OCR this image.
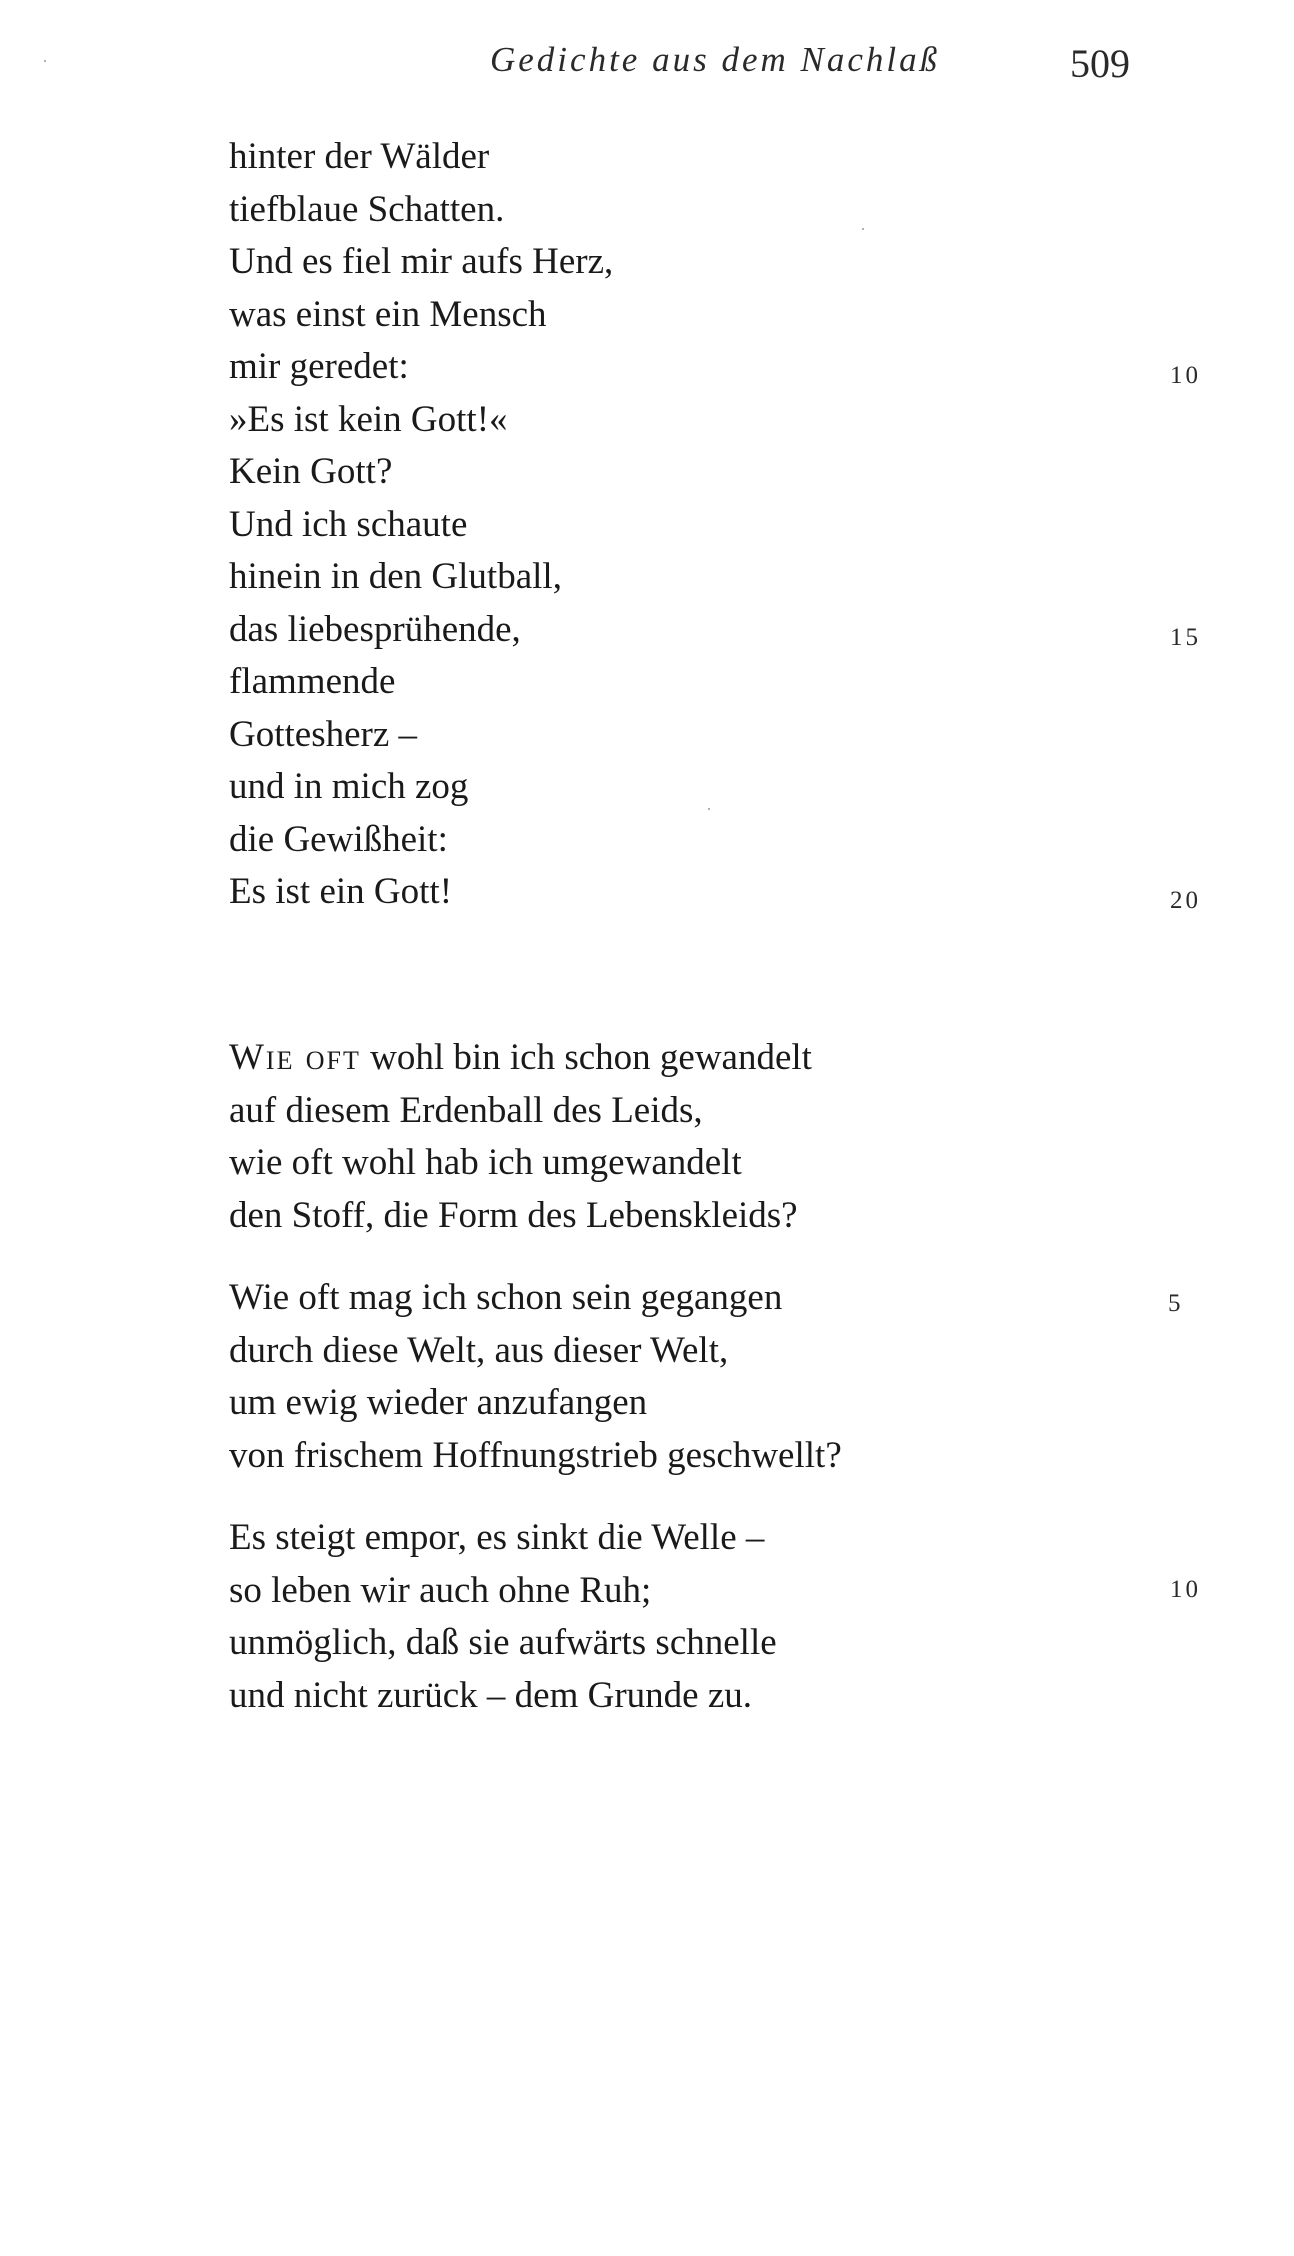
Gedichte aus dem Nachlaß	509
hinter der Wälder
tiefblaue Schatten.
Und es fiel mir aufs Herz,
was einst ein Mensch
mir geredet:
»Es ist kein Gott!«
Kein Gott?
Und ich schaute
hinein in den Glutball,
das liebesprühende,
flammende
Gottesherz –
und in mich zog
die Gewißheit:
Es ist ein Gott!
10
15
20
Wie oft wohl bin ich schon gewandelt
auf diesem Erdenball des Leids,
wie oft wohl hab ich umgewandelt
den Stoff, die Form des Lebenskleids?
Wie oft mag ich schon sein gegangen
durch diese Welt, aus dieser Welt,
um ewig wieder anzufangen
von frischem Hoffnungstrieb geschwellt?
Es steigt empor, es sinkt die Welle –
so leben wir auch ohne Ruh;
unmöglich, daß sie aufwärts schnelle
und nicht zurück – dem Grunde zu.
5
10
